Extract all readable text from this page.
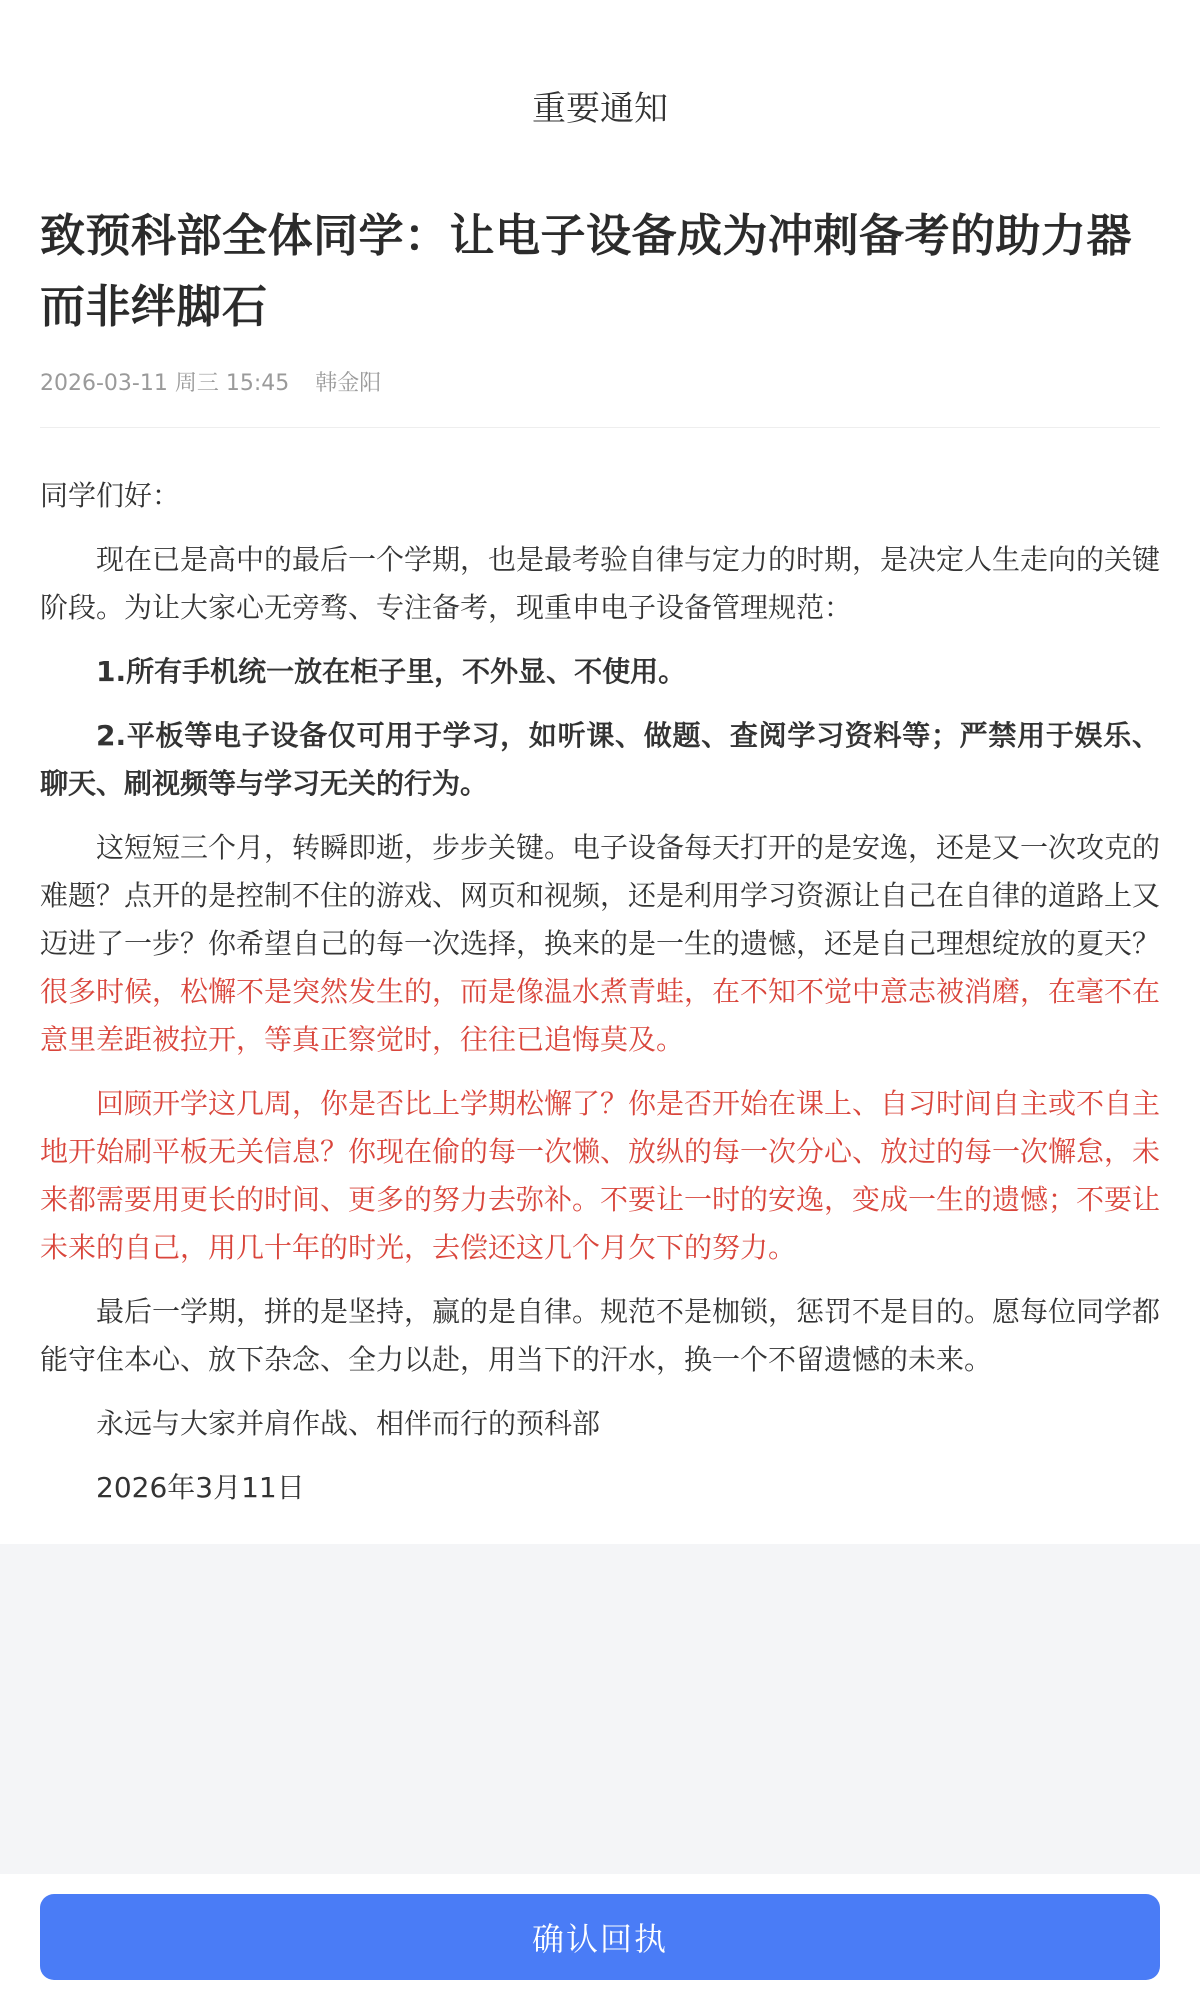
重要通知
致预科部全体同学：让电子设备成为冲刺备考的助力器而非绊脚石
2026-03-11 周三 15:45 韩金阳

同学们好：

现在已是高中的最后一个学期，也是最考验自律与定力的时期，是决定人生走向的关键阶段。为让大家心无旁骛、专注备考，现重申电子设备管理规范：

1.所有手机统一放在柜子里，不外显、不使用。

2.平板等电子设备仅可用于学习，如听课、做题、查阅学习资料等；严禁用于娱乐、聊天、刷视频等与学习无关的行为。

这短短三个月，转瞬即逝，步步关键。电子设备每天打开的是安逸，还是又一次攻克的难题？点开的是控制不住的游戏、网页和视频，还是利用学习资源让自己在自律的道路上又迈进了一步？你希望自己的每一次选择，换来的是一生的遗憾，还是自己理想绽放的夏天？很多时候，松懈不是突然发生的，而是像温水煮青蛙，在不知不觉中意志被消磨，在毫不在意里差距被拉开，等真正察觉时，往往已追悔莫及。

回顾开学这几周，你是否比上学期松懈了？你是否开始在课上、自习时间自主或不自主地开始刷平板无关信息？你现在偷的每一次懒、放纵的每一次分心、放过的每一次懈怠，未来都需要用更长的时间、更多的努力去弥补。不要让一时的安逸，变成一生的遗憾；不要让未来的自己，用几十年的时光，去偿还这几个月欠下的努力。

最后一学期，拼的是坚持，赢的是自律。规范不是枷锁，惩罚不是目的。愿每位同学都能守住本心、放下杂念、全力以赴，用当下的汗水，换一个不留遗憾的未来。

永远与大家并肩作战、相伴而行的预科部

2026年3月11日

确认回执
